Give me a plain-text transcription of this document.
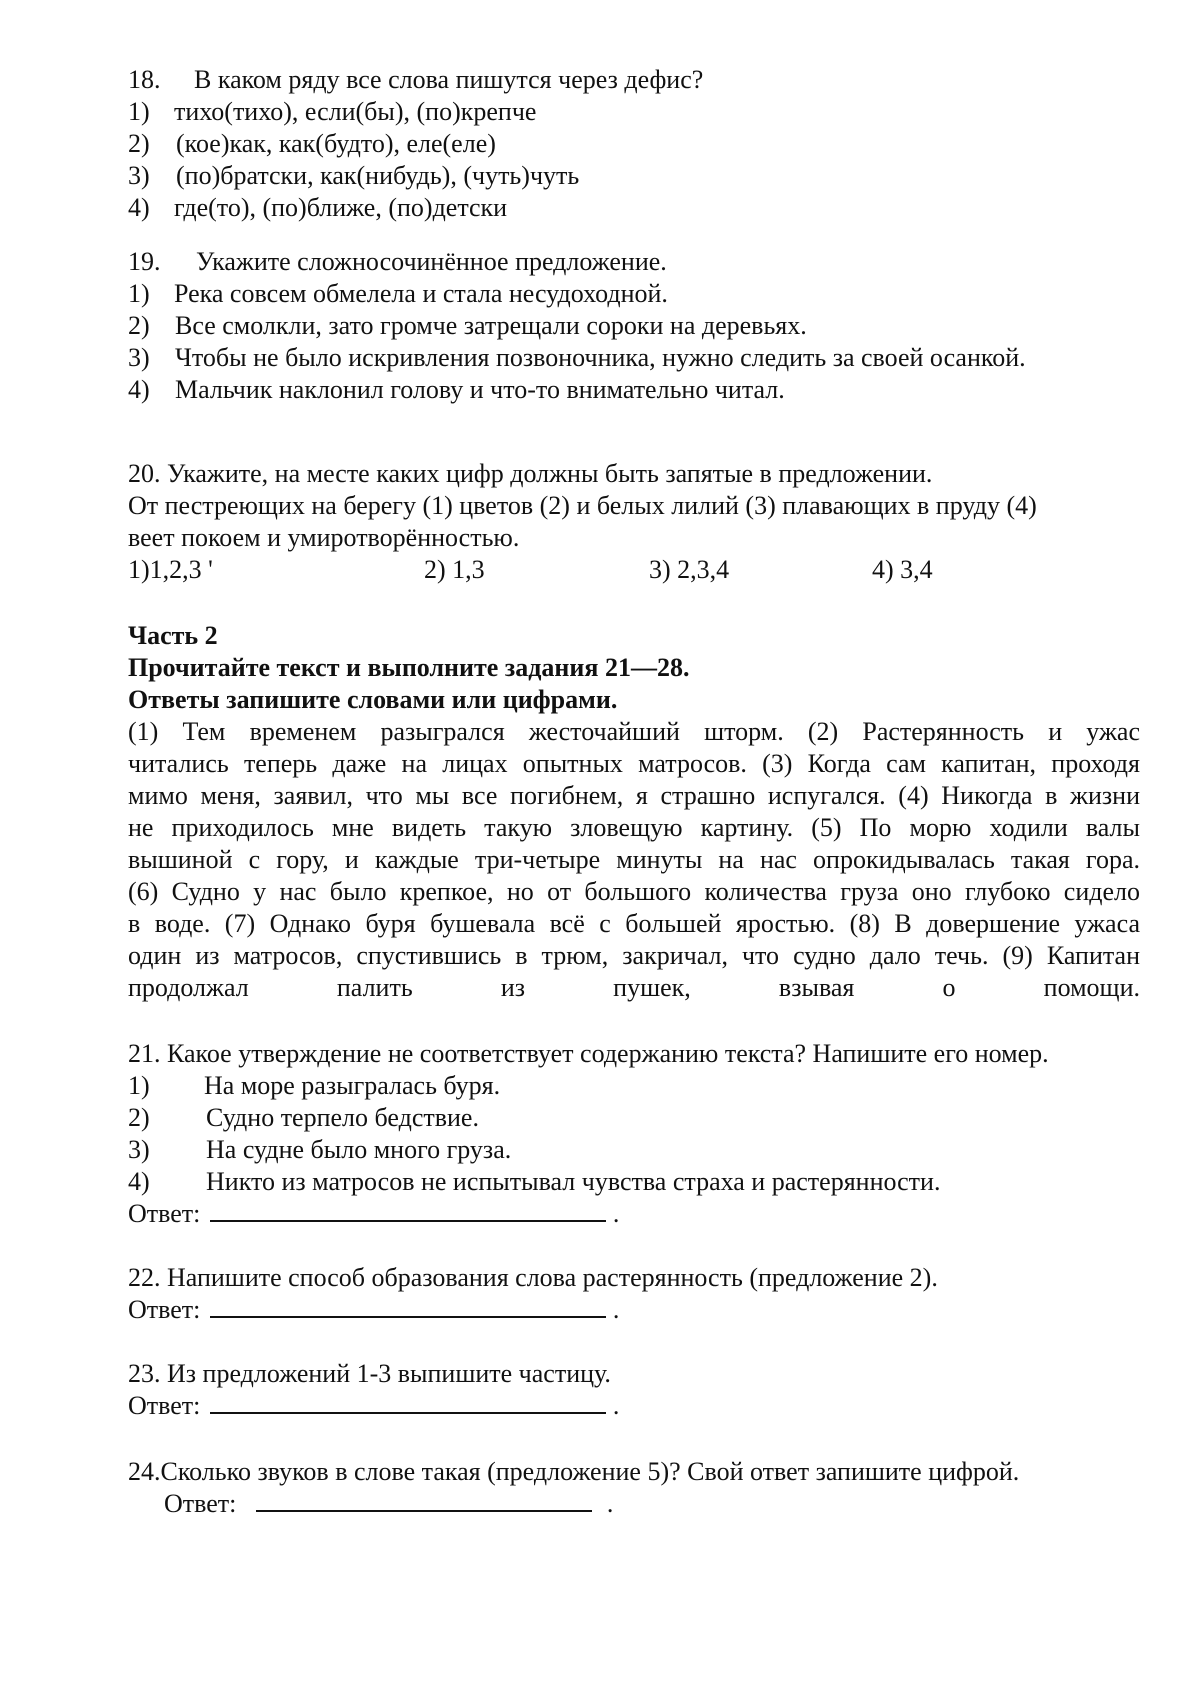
18. В каком ряду все слова пишутся через дефис?
1) тихо(тихо), если(бы), (по)крепче
2)	(кое)как, как(будто), еле(еле)
3)	(по)братски, как(нибудь), (чуть)чуть
4) где(то), (по)ближе, (по)детски
19. Укажите сложносочинённое предложение.
1) Река совсем обмелела и стала несудоходной.
2) Все смолкли, зато громче затрещали сороки на деревьях.
3) Чтобы не было искривления позвоночника, нужно следить за своей осанкой.
4) Мальчик наклонил голову и что-то внимательно читал.
20. Укажите, на месте каких цифр должны быть запятые в предложении.
От пестреющих на берегу (1) цветов (2) и белых лилий (3) плавающих в пруду (4)
веет покоем и умиротворённостью.
1)1,2,3 '	2) 1,3	3) 2,3,4	4) 3,4
Часть 2
Прочитайте текст и выполните задания 21—28.
Ответы запишите словами или цифрами.
(1) Тем временем разыгрался жесточайший шторм. (2) Растерянность и ужас
читались теперь даже на лицах опытных матросов. (3) Когда сам капитан, проходя
мимо меня, заявил, что мы все погибнем, я страшно испугался. (4) Никогда в жизни
не приходилось мне видеть такую зловещую картину. (5) По морю ходили валы
вышиной с гору, и каждые три-четыре минуты на нас опрокидывалась такая гора.
(6) Судно у нас было крепкое, но от большого количества груза оно глубоко сидело
в воде. (7) Однако буря бушевала всё с большей яростью. (8) В довершение ужаса
один из матросов, спустившись в трюм, закричал, что судно дало течь. (9) Капитан
продолжал палить из пушек, взывая о помощи.
21. Какое утверждение не соответствует содержанию текста? Напишите его номер.
1)	На море разыгралась буря.
2)	Судно терпело бедствие.
3)	На судне было много груза.
4)	Никто из матросов не испытывал чувства страха и растерянности.
Ответ:	.
22. Напишите способ образования слова растерянность (предложение 2).
Ответ:	.
23. Из предложений 1-3 выпишите частицу.
Ответ:	.
24.Сколько звуков в слове такая (предложение 5)? Свой ответ запишите цифрой.
Ответ:	.
